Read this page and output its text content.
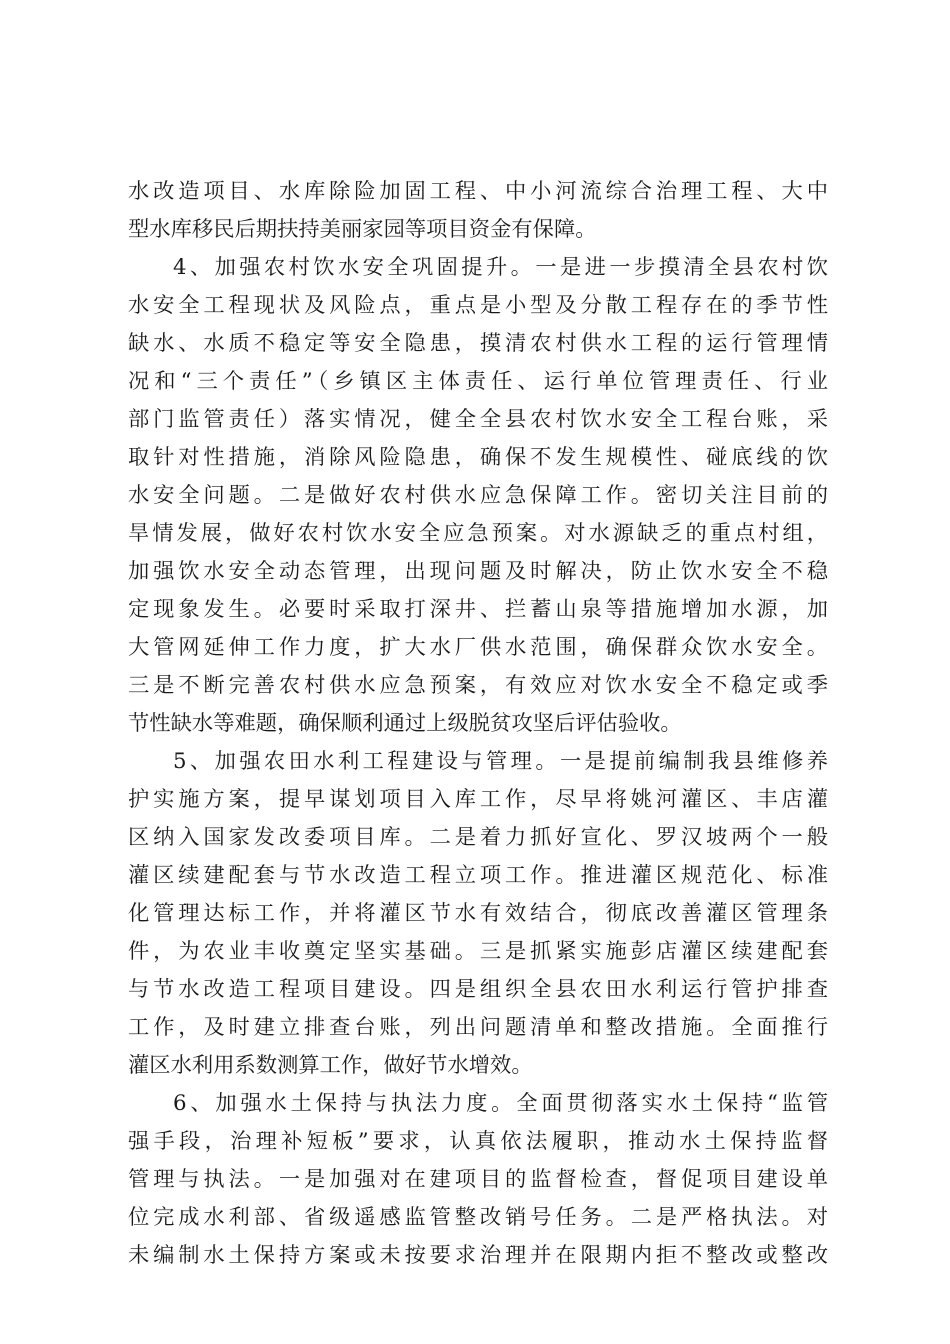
水改造项目、水库除险加固工程、中小河流综合治理工程、大中
型水库移民后期扶持美丽家园等项目资金有保障。
4、加强农村饮水安全巩固提升。一是进一步摸清全县农村饮
水安全工程现状及风险点，重点是小型及分散工程存在的季节性
缺水、水质不稳定等安全隐患，摸清农村供水工程的运行管理情
况和“三个责任”（乡镇区主体责任、运行单位管理责任、行业
部门监管责任）落实情况，健全全县农村饮水安全工程台账，采
取针对性措施，消除风险隐患，确保不发生规模性、碰底线的饮
水安全问题。二是做好农村供水应急保障工作。密切关注目前的
旱情发展，做好农村饮水安全应急预案。对水源缺乏的重点村组，
加强饮水安全动态管理，出现问题及时解决，防止饮水安全不稳
定现象发生。必要时采取打深井、拦蓄山泉等措施增加水源，加
大管网延伸工作力度，扩大水厂供水范围，确保群众饮水安全。
三是不断完善农村供水应急预案，有效应对饮水安全不稳定或季
节性缺水等难题，确保顺利通过上级脱贫攻坚后评估验收。
5、加强农田水利工程建设与管理。一是提前编制我县维修养
护实施方案，提早谋划项目入库工作，尽早将姚河灌区、丰店灌
区纳入国家发改委项目库。二是着力抓好宣化、罗汉坡两个一般
灌区续建配套与节水改造工程立项工作。推进灌区规范化、标准
化管理达标工作，并将灌区节水有效结合，彻底改善灌区管理条
件，为农业丰收奠定坚实基础。三是抓紧实施彭店灌区续建配套
与节水改造工程项目建设。四是组织全县农田水利运行管护排查
工作，及时建立排查台账，列出问题清单和整改措施。全面推行
灌区水利用系数测算工作，做好节水增效。
6、加强水土保持与执法力度。全面贯彻落实水土保持“监管
强手段，治理补短板”要求，认真依法履职，推动水土保持监督
管理与执法。一是加强对在建项目的监督检查，督促项目建设单
位完成水利部、省级遥感监管整改销号任务。二是严格执法。对
未编制水土保持方案或未按要求治理并在限期内拒不整改或整改
